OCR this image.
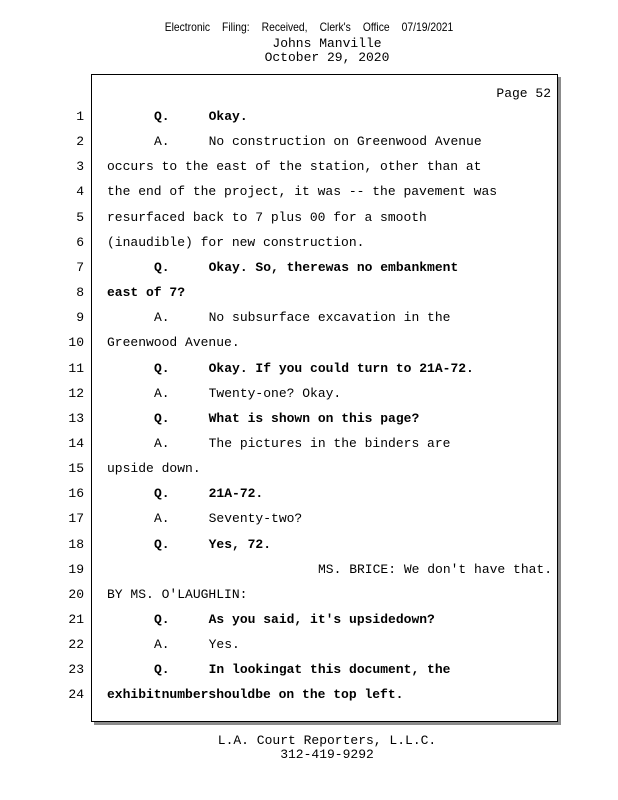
Electronic Filing: Received, Clerk's Office 07/19/2021
Johns Manville
October 29, 2020
Page 52
1	Q.     Okay.
2	A.     No construction on Greenwood Avenue
3 occurs to the east of the station, other than at
4 the end of the project, it was -- the pavement was
5 resurfaced back to 7 plus 00 for a smooth
6 (inaudible) for new construction.
7	Q.     Okay. So, therewas no embankment
8 east of 7?
9	A.     No subsurface excavation in the
10 Greenwood Avenue.
11	Q.     Okay. If you could turn to 21A-72.
12	A.     Twenty-one? Okay.
13	Q.     What is shown on this page?
14	A.     The pictures in the binders are
15 upside down.
16	Q.     21A-72.
17	A.     Seventy-two?
18	Q.     Yes, 72.
19	MS. BRICE: We don't have that.
20 BY MS. O'LAUGHLIN:
21	Q.     As you said, it's upsidedown?
22	A.     Yes.
23	Q.     In lookingat this document, the
24 exhibitnumbershouldbe on the top left.
L.A. Court Reporters, L.L.C.
312-419-9292
